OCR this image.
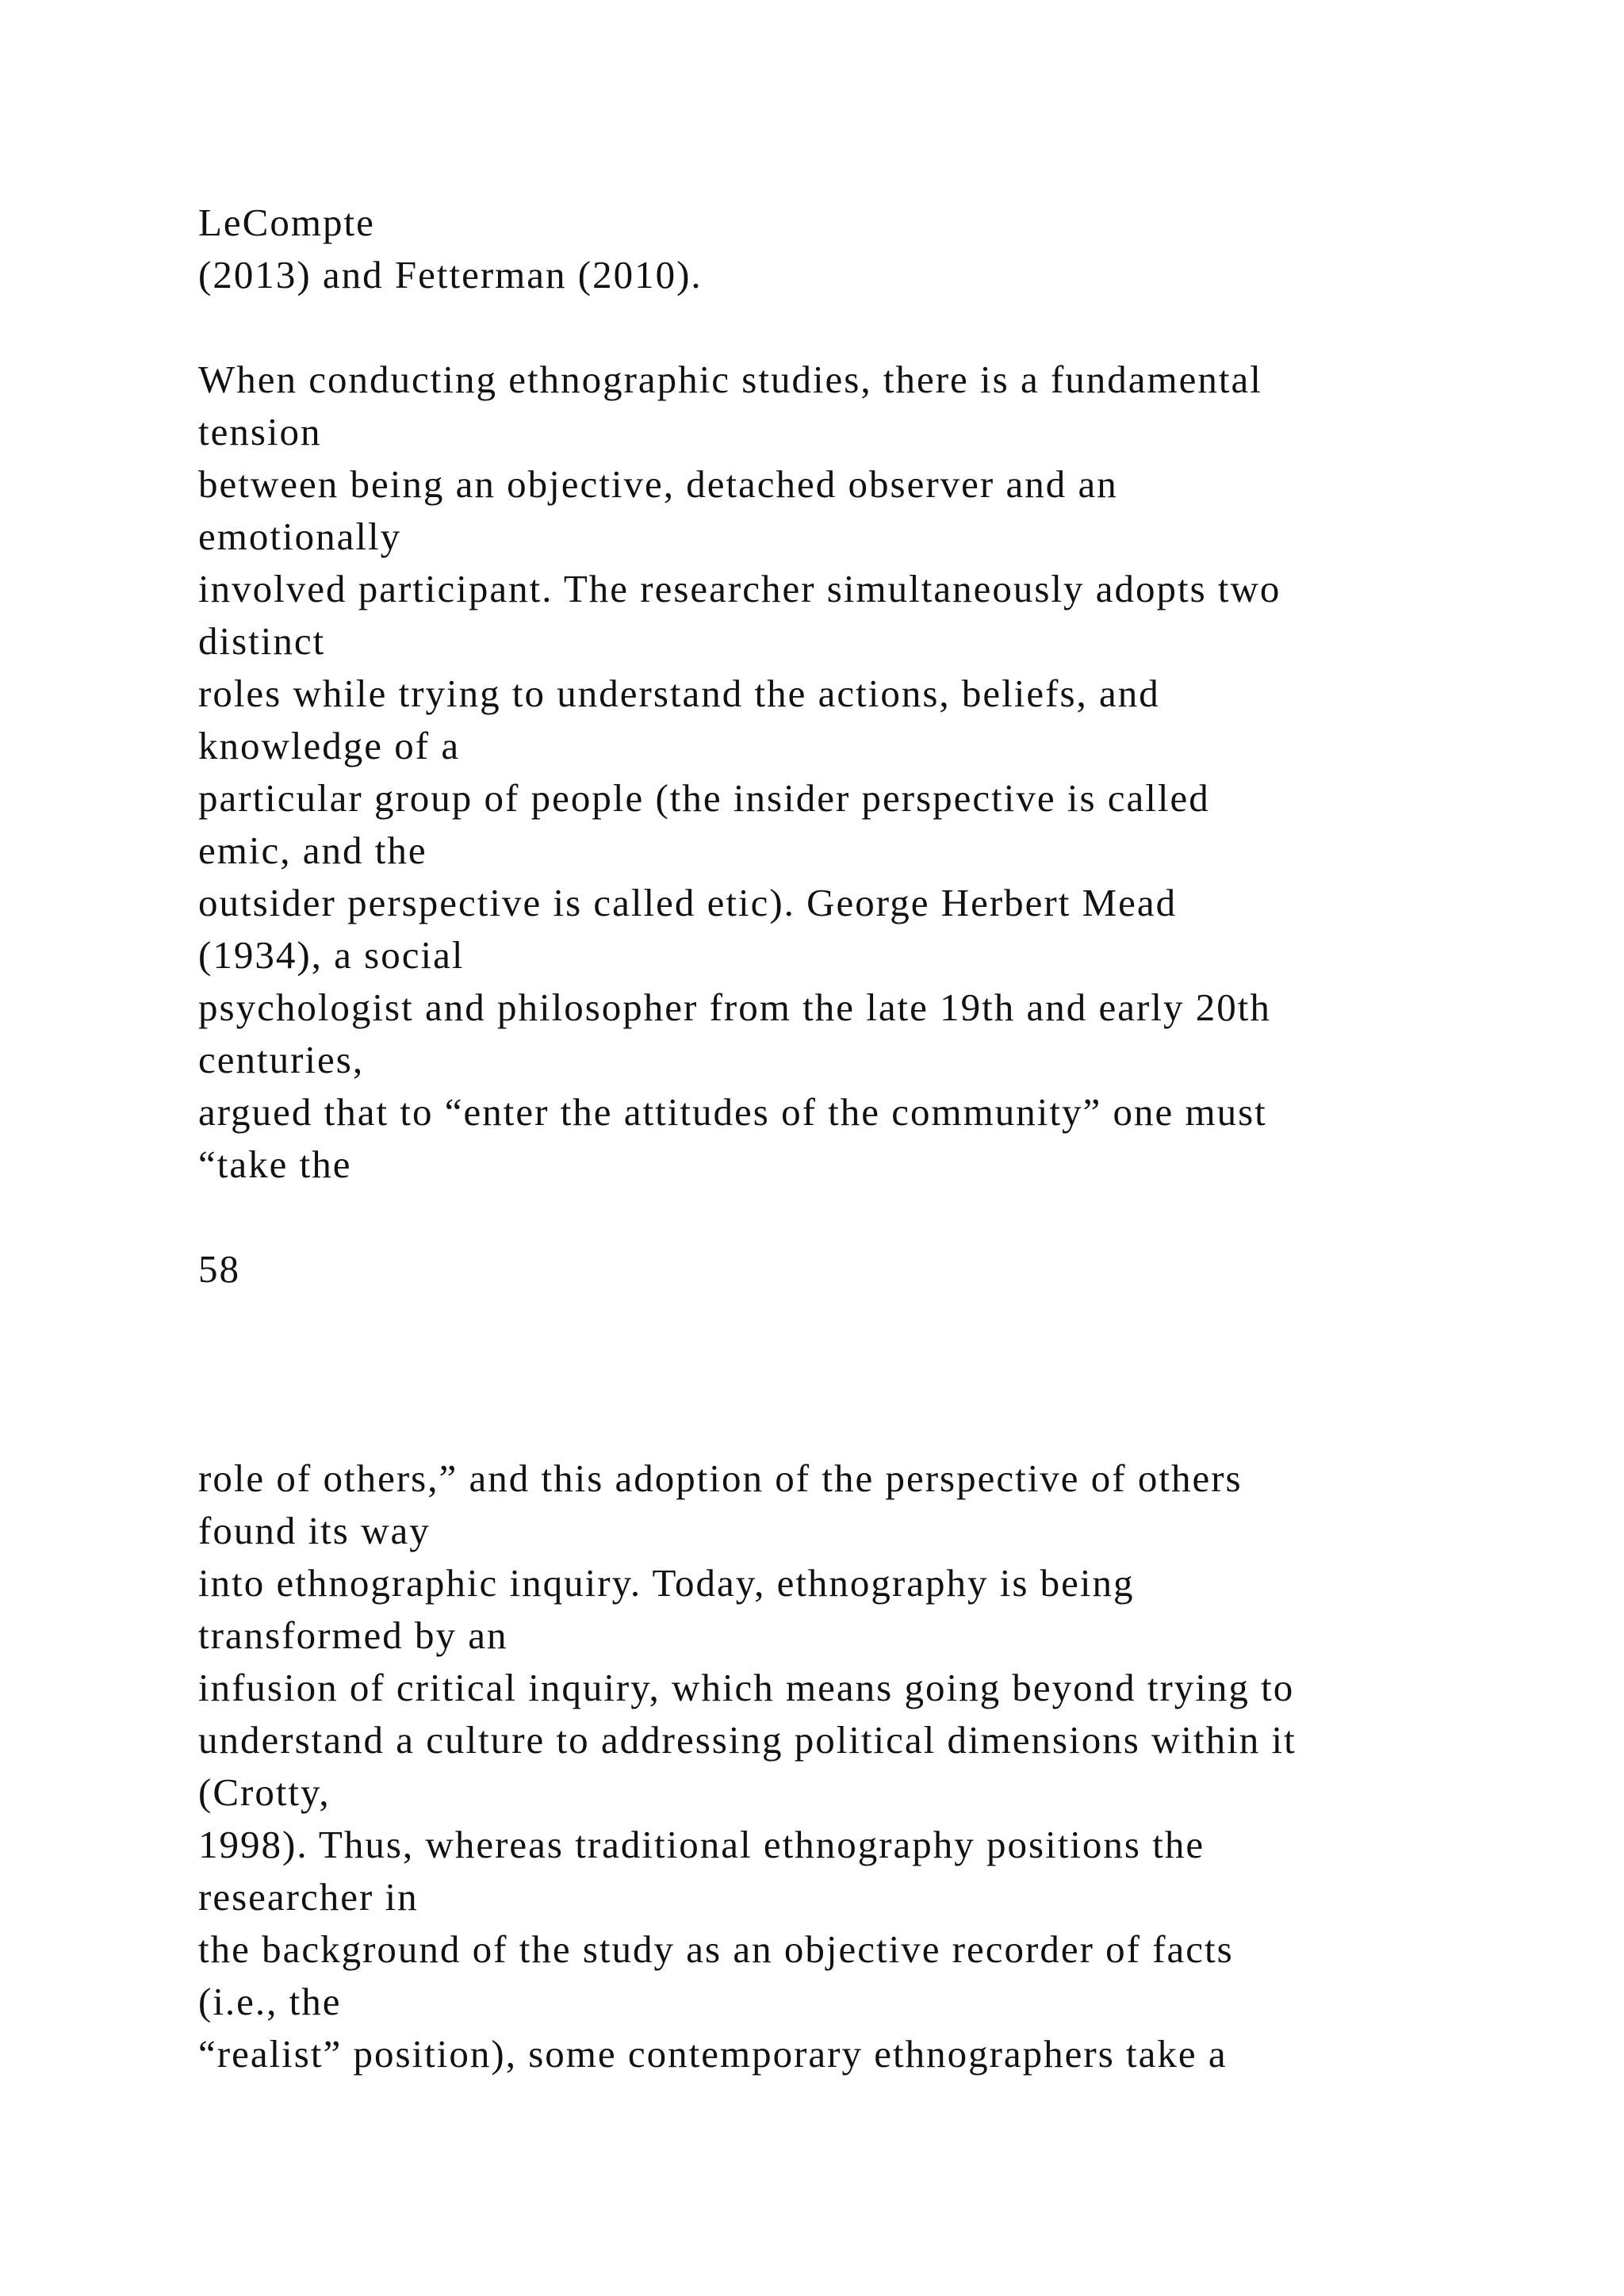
LeCompte

(2013) and Fetterman (2010).

When conducting ethnographic studies, there is a fundamental

tension

between being an objective, detached observer and an

emotionally

involved participant. The researcher simultaneously adopts two

distinct

roles while trying to understand the actions, beliefs, and

knowledge of a

particular group of people (the insider perspective is called

emic, and the

outsider perspective is called etic). George Herbert Mead

(1934), a social

psychologist and philosopher from the late 19th and early 20th

centuries,

argued that to “enter the attitudes of the community” one must

“take the

58

role of others,” and this adoption of the perspective of others

found its way

into ethnographic inquiry. Today, ethnography is being

transformed by an

infusion of critical inquiry, which means going beyond trying to

understand a culture to addressing political dimensions within it

(Crotty,

1998). Thus, whereas traditional ethnography positions the

researcher in

the background of the study as an objective recorder of facts

(i.e., the

“realist” position), some contemporary ethnographers take a
